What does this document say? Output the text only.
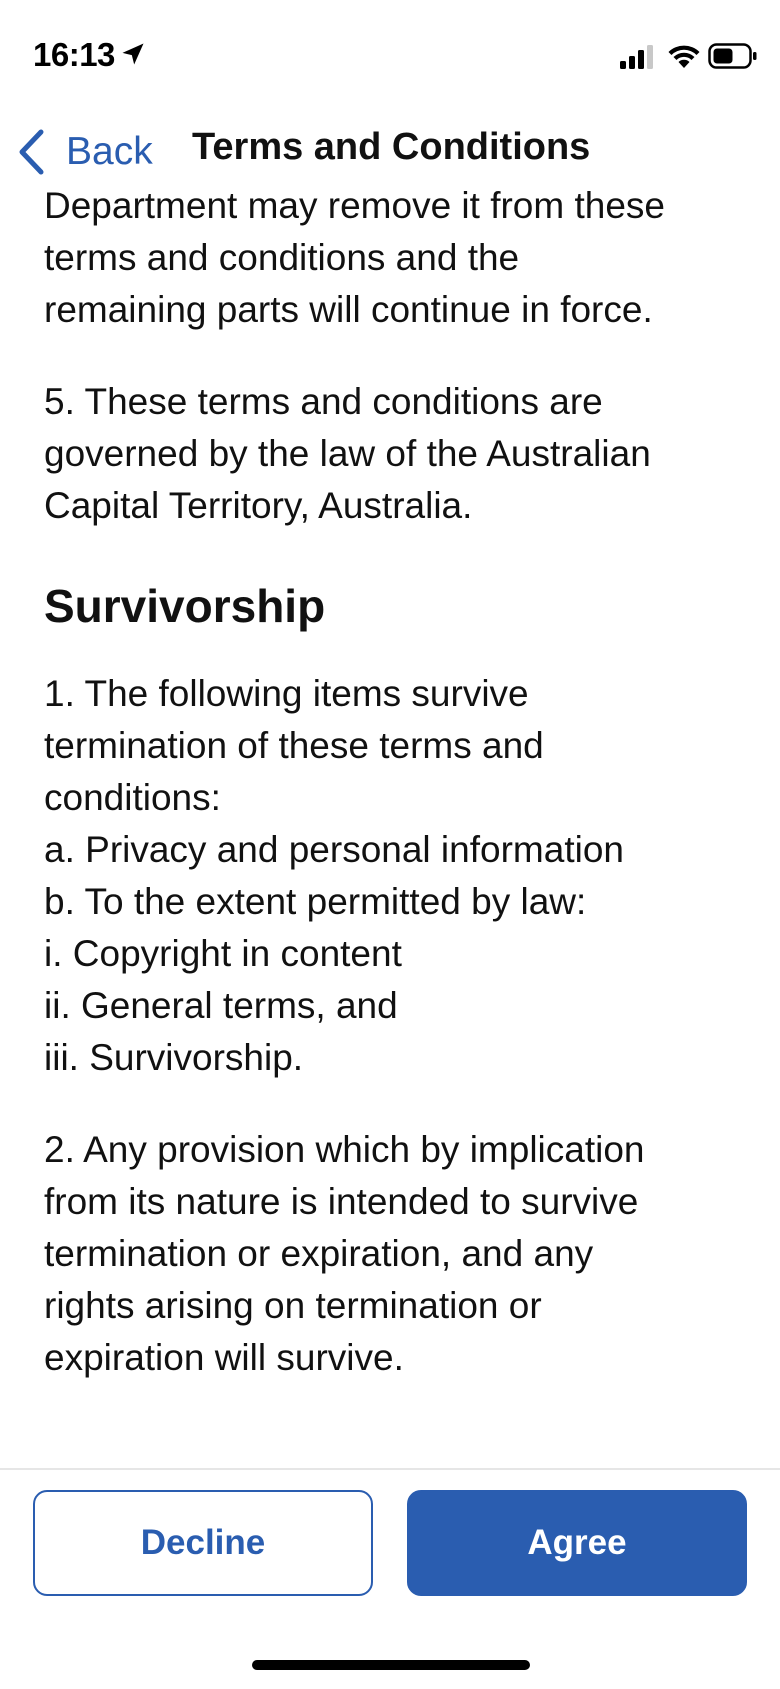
16:13
Back Terms and Conditions
Department may remove it from these
terms and conditions and the
remaining parts will continue in force.
5. These terms and conditions are
governed by the law of the Australian
Capital Territory, Australia.
Survivorship
1. The following items survive
termination of these terms and
conditions:
a. Privacy and personal information
b. To the extent permitted by law:
i. Copyright in content
ii. General terms, and
iii. Survivorship.
2. Any provision which by implication
from its nature is intended to survive
termination or expiration, and any
rights arising on termination or
expiration will survive.
Decline	Agree
